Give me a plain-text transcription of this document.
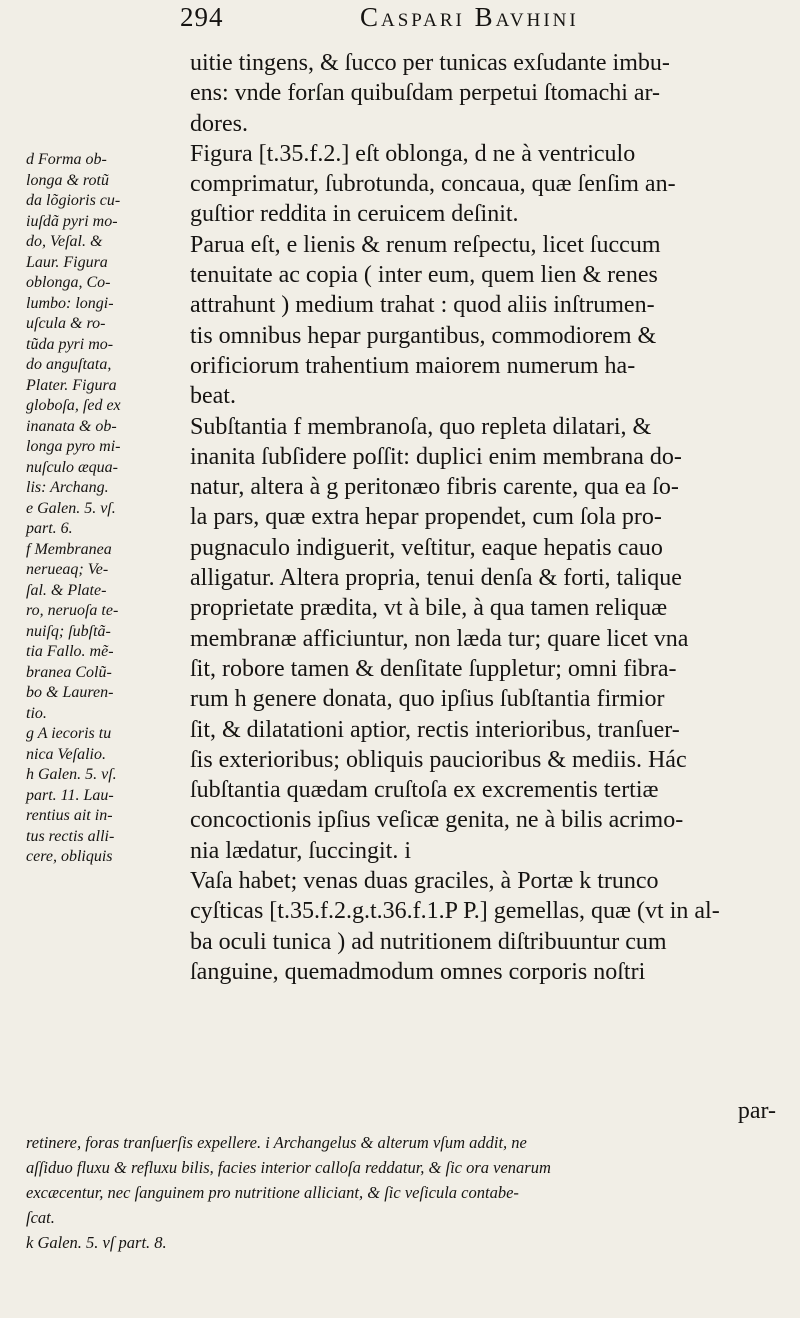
294	Caspari Bavhini
uitie tingens, & ſucco per tunicas exſudante imbu-
ens: vnde forſan quibuſdam perpetui ſtomachi ar-
dores.
Figura [t.35.f.2.] eſt oblonga, d ne à ventriculo
comprimatur, ſubrotunda, concaua, quæ ſenſim an-
guſtior reddita in ceruicem deſinit.
Parua eſt, e lienis & renum reſpectu, licet ſuccum
tenuitate ac copia ( inter eum, quem lien & renes
attrahunt ) medium trahat : quod aliis inſtrumen-
tis omnibus hepar purgantibus, commodiorem &
orificiorum trahentium maiorem numerum ha-
beat.
Subſtantia f membranoſa, quo repleta dilatari, &
inanita ſubſidere poſſit: duplici enim membrana do-
natur, altera à g peritonæo fibris carente, qua ea ſo-
la pars, quæ extra hepar propendet, cum ſola pro-
pugnaculo indiguerit, veſtitur, eaque hepatis cauo
alligatur. Altera propria, tenui denſa & forti, talique
proprietate prædita, vt à bile, à qua tamen reliquæ
membranæ afficiuntur, non læda tur; quare licet vna
ſit, robore tamen & denſitate ſuppletur; omni fibra-
rum h genere donata, quo ipſius ſubſtantia firmior
ſit, & dilatationi aptior, rectis interioribus, tranſuer-
ſis exterioribus; obliquis paucioribus & mediis. Hác
ſubſtantia quædam cruſtoſa ex excrementis tertiæ
concoctionis ipſius veſicæ genita, ne à bilis acrimo-
nia lædatur, ſuccingit. i
Vaſa habet; venas duas graciles, à Portæ k trunco
cyſticas [t.35.f.2.g.t.36.f.1.P P.] gemellas, quæ (vt in al-
ba oculi tunica ) ad nutritionem diſtribuuntur cum
ſanguine, quemadmodum omnes corporis noſtri
par-
d Forma ob-
longa & rotũ
da lõgioris cu-
iuſdã pyri mo-
do, Veſal. &
Laur. Figura
oblonga, Co-
lumbo: longi-
uſcula & ro-
tũda pyri mo-
do anguſtata,
Plater. Figura
globoſa, ſed ex
inanata & ob-
longa pyro mi-
nuſculo æqua-
lis: Archang.
e Galen. 5. vſ.
part. 6.
f Membranea
nerueaq; Ve-
ſal. & Plate-
ro, neruoſa te-
nuiſq; ſubſtã-
tia Fallo. mẽ-
branea Colũ-
bo & Lauren-
tio.
g A iecoris tu
nica Veſalio.
h Galen. 5. vſ.
part. 11. Lau-
rentius ait in-
tus rectis alli-
cere, obliquis
retinere, foras tranſuerſis expellere. i Archangelus & alterum vſum addit, ne
aſſiduo fluxu & refluxu bilis, facies interior calloſa reddatur, & ſic ora venarum
excæcentur, nec ſanguinem pro nutritione alliciant, & ſic veſicula contabe-
ſcat.
k Galen. 5. vſ part. 8.
